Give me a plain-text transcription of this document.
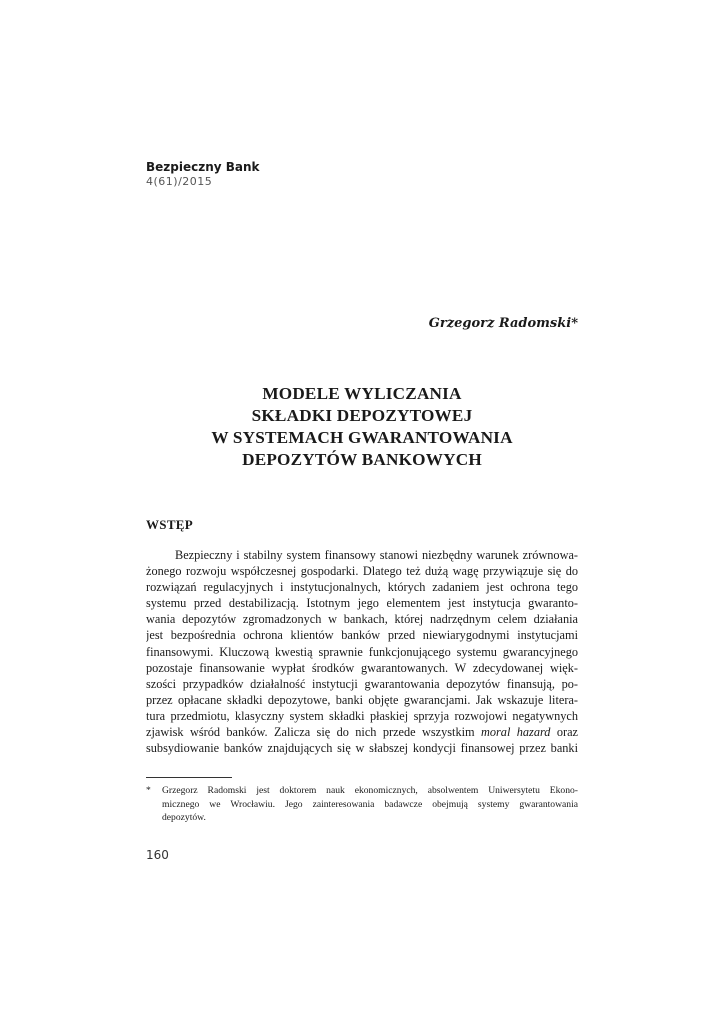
Bezpieczny Bank
4(61)/2015
Grzegorz Radomski*
MODELE WYLICZANIA
SKŁADKI DEPOZYTOWEJ
W SYSTEMACH GWARANTOWANIA
DEPOZYTÓW BANKOWYCH
WSTĘP
Bezpieczny i stabilny system finansowy stanowi niezbędny warunek zrównowa-
żonego rozwoju współczesnej gospodarki. Dlatego też dużą wagę przywiązuje się do
rozwiązań regulacyjnych i instytucjonalnych, których zadaniem jest ochrona tego
systemu przed destabilizacją. Istotnym jego elementem jest instytucja gwaranto-
wania depozytów zgromadzonych w bankach, której nadrzędnym celem działania
jest bezpośrednia ochrona klientów banków przed niewiarygodnymi instytucjami
finansowymi. Kluczową kwestią sprawnie funkcjonującego systemu gwarancyjnego
pozostaje finansowanie wypłat środków gwarantowanych. W zdecydowanej więk-
szości przypadków działalność instytucji gwarantowania depozytów finansują, po-
przez opłacane składki depozytowe, banki objęte gwarancjami. Jak wskazuje litera-
tura przedmiotu, klasyczny system składki płaskiej sprzyja rozwojowi negatywnych
zjawisk wśród banków. Zalicza się do nich przede wszystkim moral hazard oraz
subsydiowanie banków znajdujących się w słabszej kondycji finansowej przez banki
*	Grzegorz Radomski jest doktorem nauk ekonomicznych, absolwentem Uniwersytetu Ekono-
micznego we Wrocławiu. Jego zainteresowania badawcze obejmują systemy gwarantowania
depozytów.
160
